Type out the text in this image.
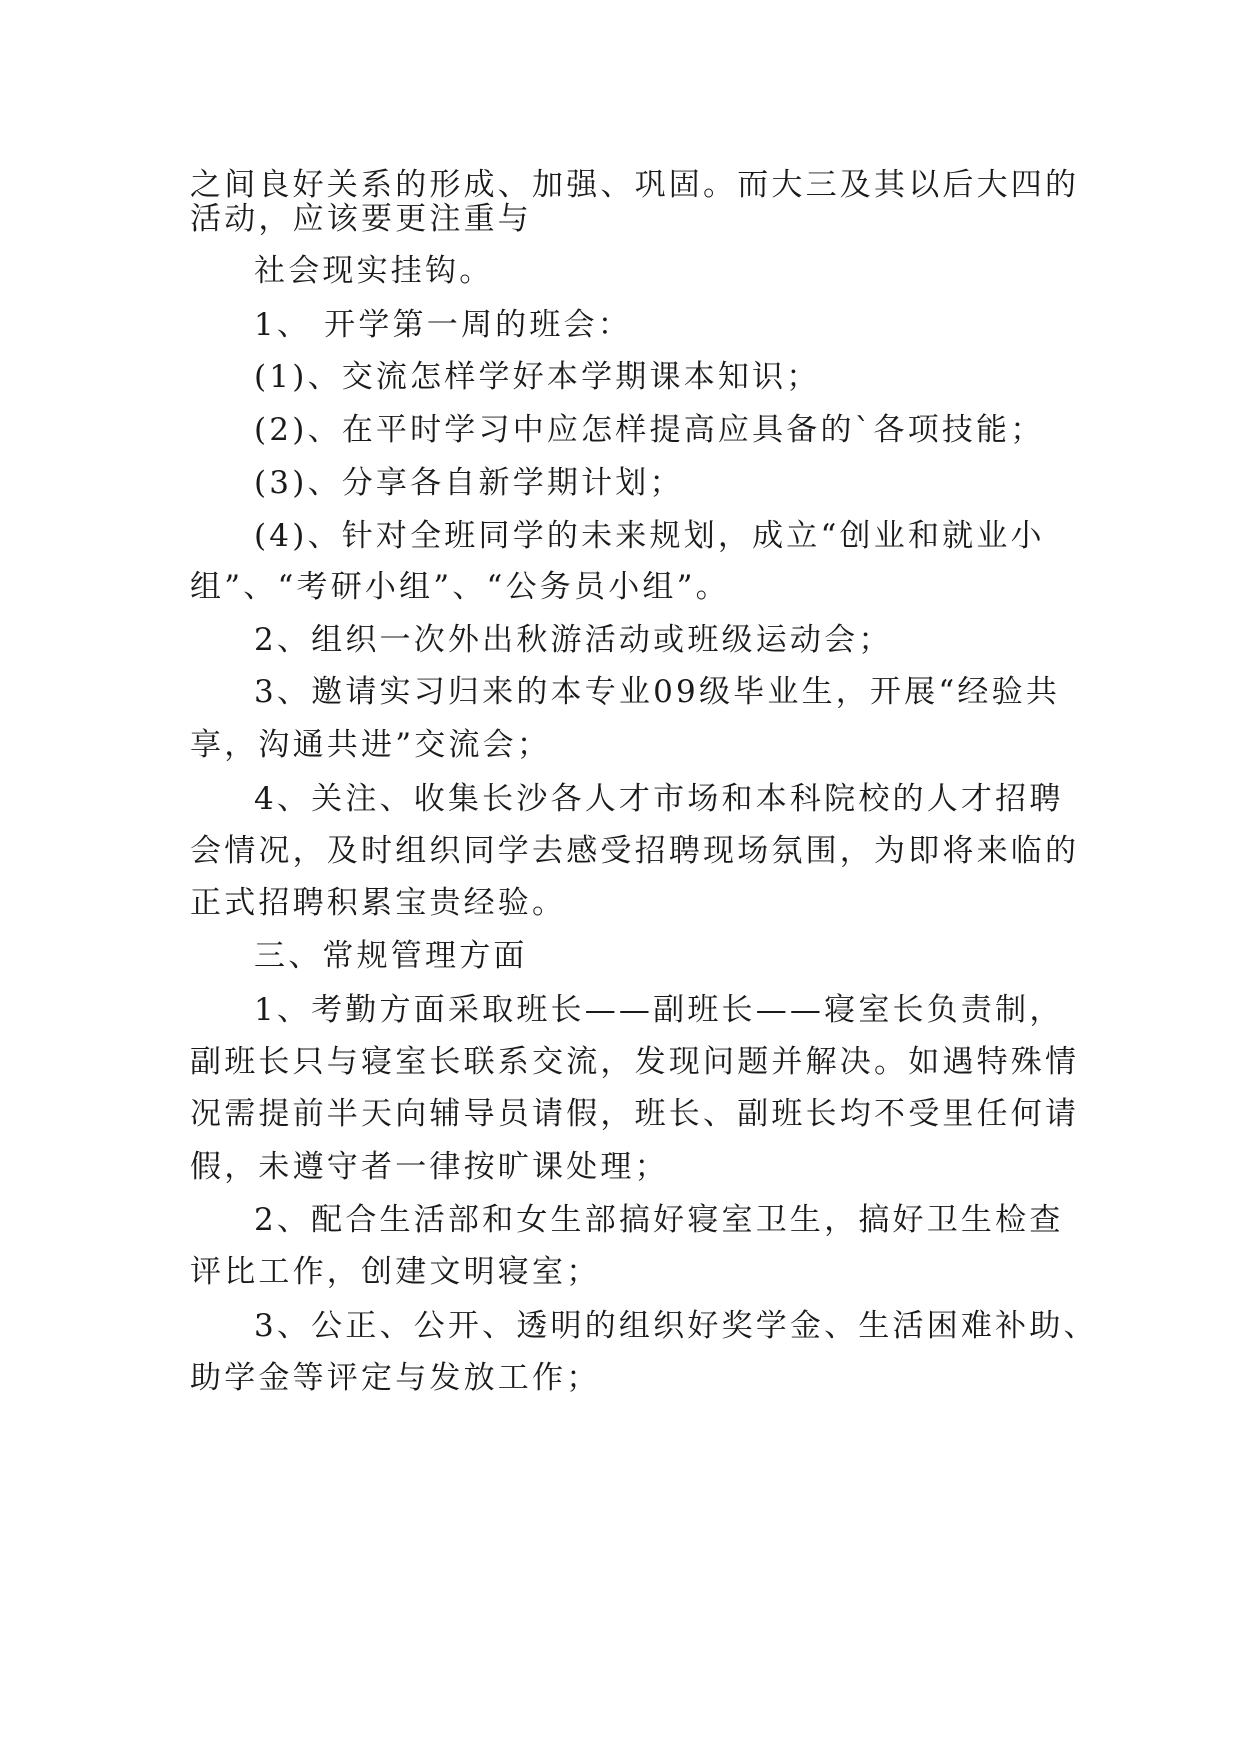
之间良好关系的形成、加强、巩固。而大三及其以后大四的
活动，应该要更注重与
社会现实挂钩。
1、 开学第一周的班会：
(1)、交流怎样学好本学期课本知识；
(2)、在平时学习中应怎样提高应具备的`各项技能；
(3)、分享各自新学期计划；
(4)、针对全班同学的未来规划，成立“创业和就业小
组”、“考研小组”、“公务员小组”。
2、组织一次外出秋游活动或班级运动会；
3、邀请实习归来的本专业09级毕业生，开展“经验共
享，沟通共进”交流会；
4、关注、收集长沙各人才市场和本科院校的人才招聘
会情况，及时组织同学去感受招聘现场氛围，为即将来临的
正式招聘积累宝贵经验。
三、常规管理方面
1、考勤方面采取班长——副班长——寝室长负责制，
副班长只与寝室长联系交流，发现问题并解决。如遇特殊情
况需提前半天向辅导员请假，班长、副班长均不受里任何请
假，未遵守者一律按旷课处理；
2、配合生活部和女生部搞好寝室卫生，搞好卫生检查
评比工作，创建文明寝室；
3、公正、公开、透明的组织好奖学金、生活困难补助、
助学金等评定与发放工作；
